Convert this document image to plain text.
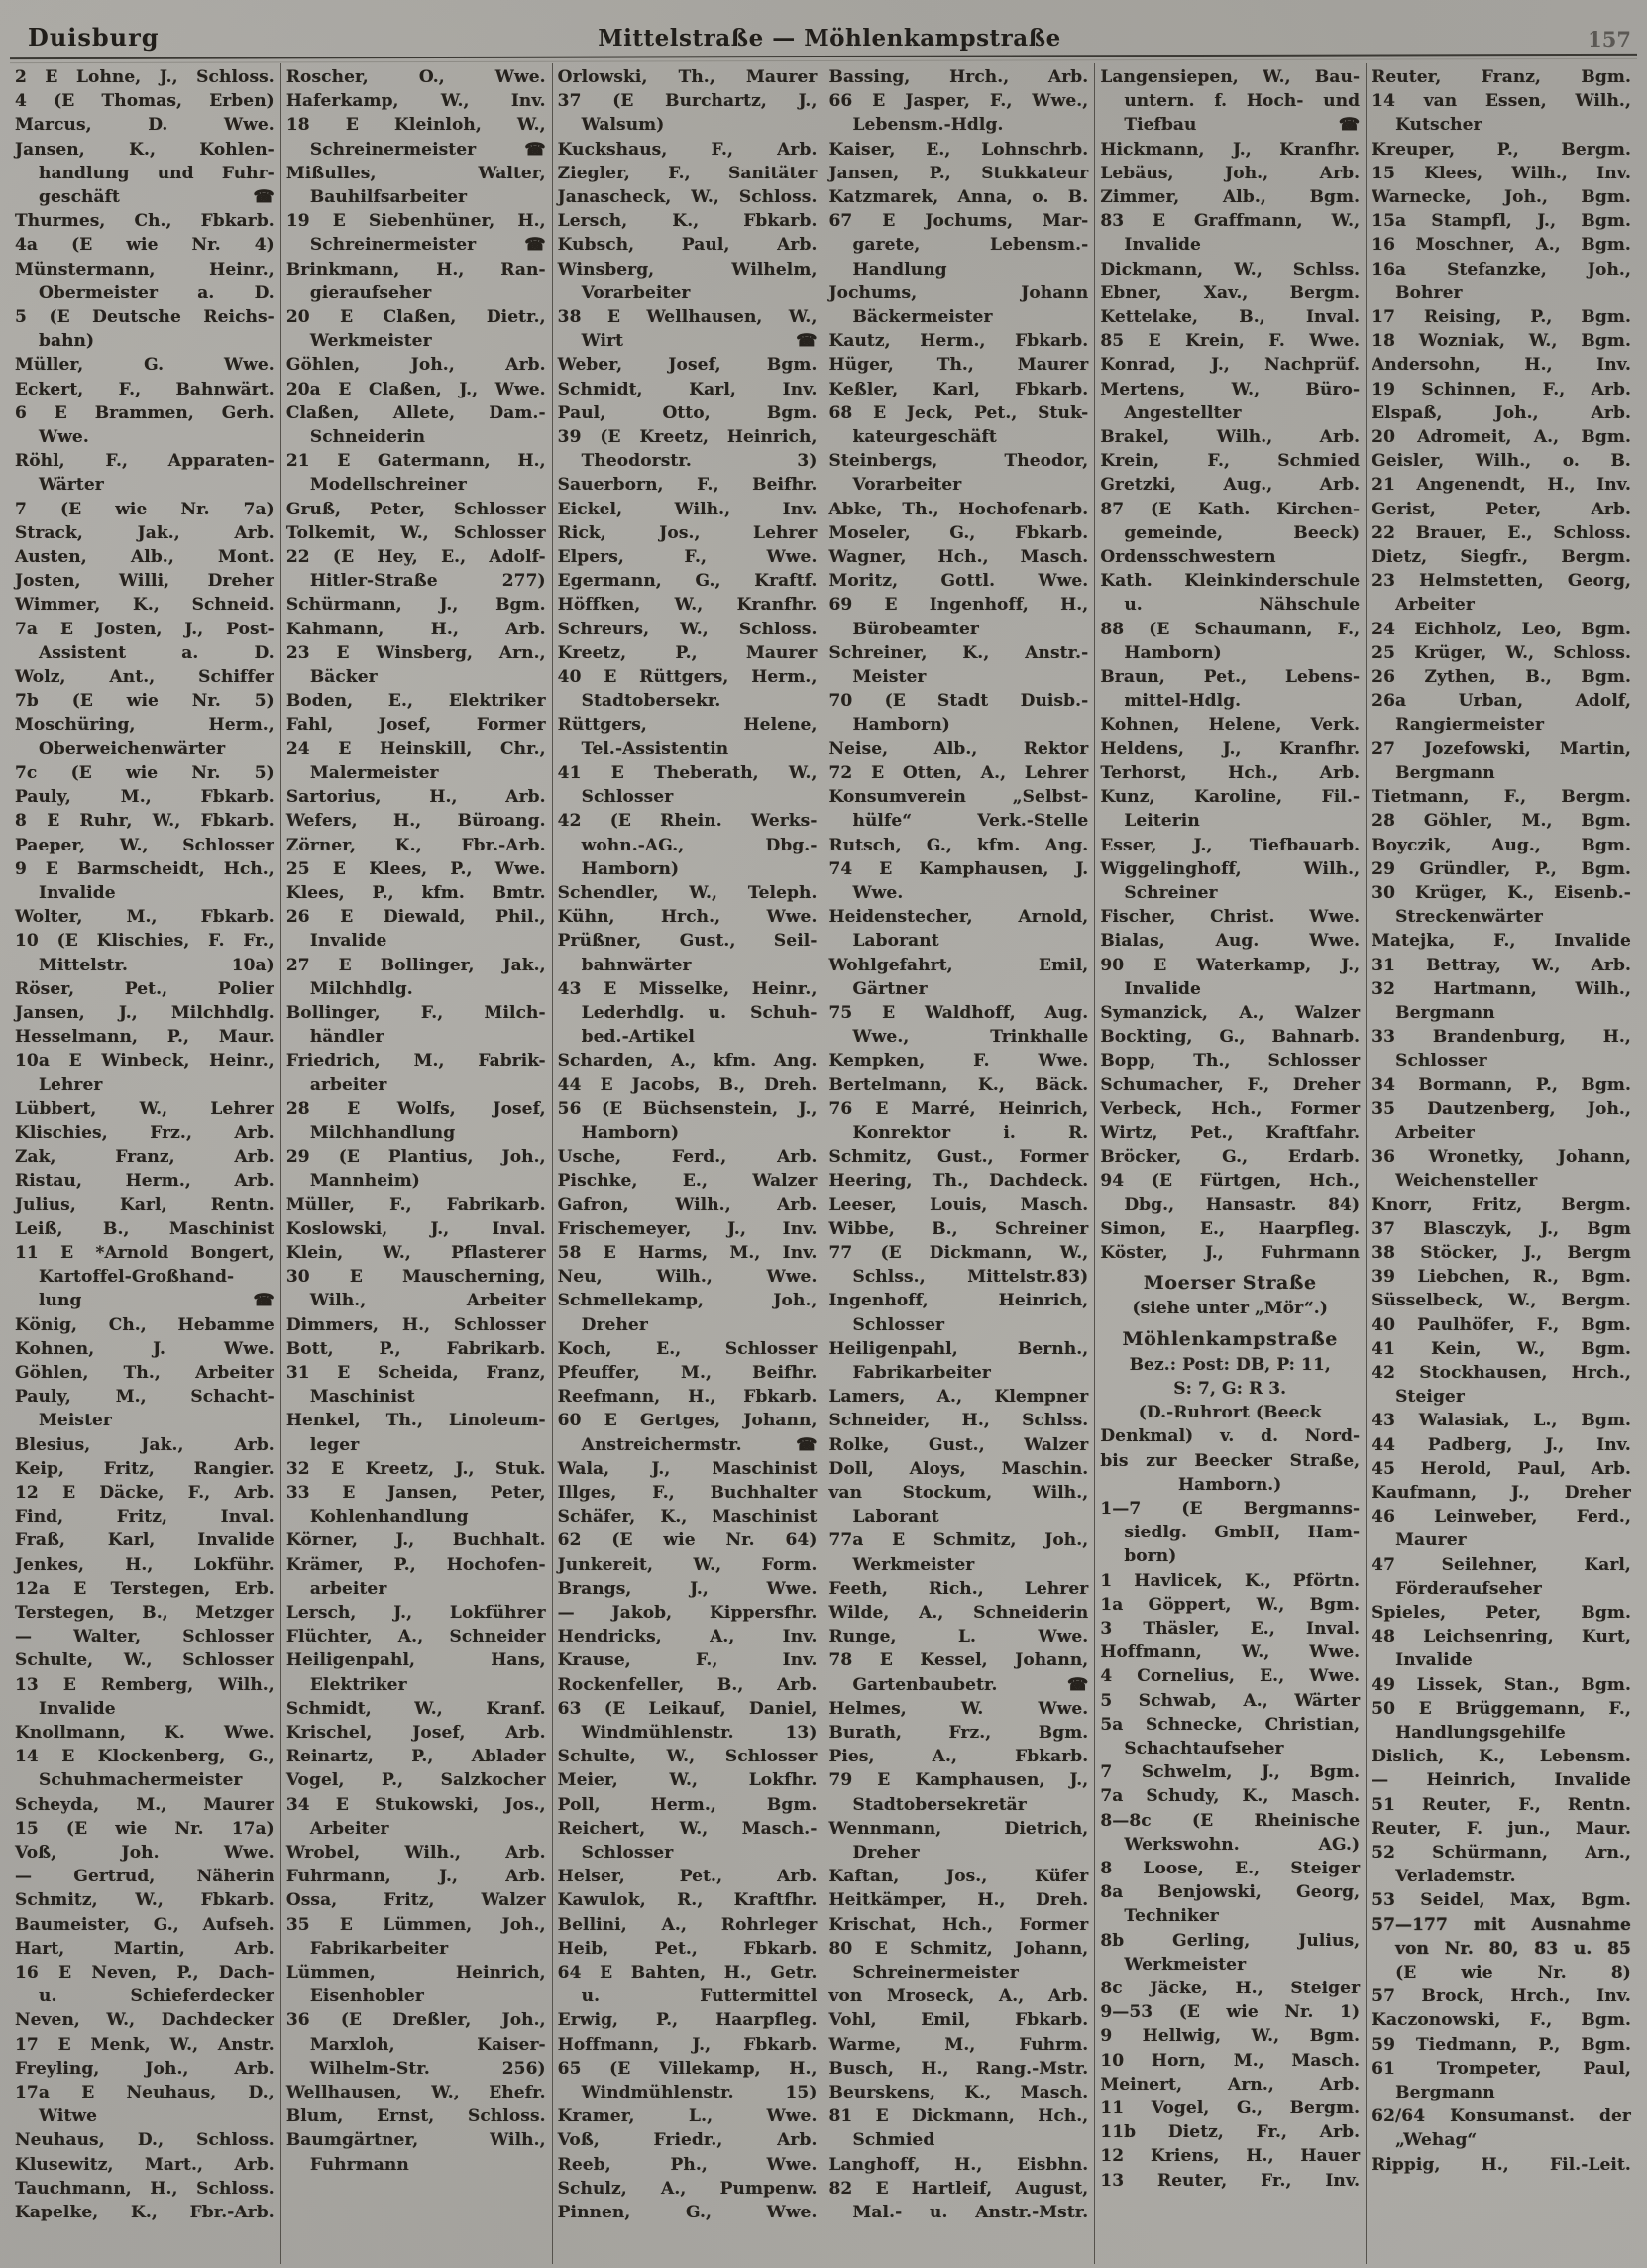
Duisburg	Mittelstraße — Möhlenkampstraße	157
2 E Lohne, J., Schloss.
4 (E Thomas, Erben)
Marcus, D. Wwe.
Jansen, K., Kohlen-
handlung und Fuhr-
geschäft ☎
Thurmes, Ch., Fbkarb.
4a (E wie Nr. 4)
Münstermann, Heinr.,
Obermeister a. D.
5 (E Deutsche Reichs-
bahn)
Müller, G. Wwe.
Eckert, F., Bahnwärt.
6 E Brammen, Gerh.
Wwe.
Röhl, F., Apparaten-
Wärter
7 (E wie Nr. 7a)
Strack, Jak., Arb.
Austen, Alb., Mont.
Josten, Willi, Dreher
Wimmer, K., Schneid.
7a E Josten, J., Post-
Assistent a. D.
Wolz, Ant., Schiffer
7b (E wie Nr. 5)
Moschüring, Herm.,
Oberweichenwärter
7c (E wie Nr. 5)
Pauly, M., Fbkarb.
8 E Ruhr, W., Fbkarb.
Paeper, W., Schlosser
9 E Barmscheidt, Hch.,
Invalide
Wolter, M., Fbkarb.
10 (E Klischies, F. Fr.,
Mittelstr. 10a)
Röser, Pet., Polier
Jansen, J., Milchhdlg.
Hesselmann, P., Maur.
10a E Winbeck, Heinr.,
Lehrer
Lübbert, W., Lehrer
Klischies, Frz., Arb.
Zak, Franz, Arb.
Ristau, Herm., Arb.
Julius, Karl, Rentn.
Leiß, B., Maschinist
11 E *Arnold Bongert,
Kartoffel-Großhand-
lung ☎
König, Ch., Hebamme
Kohnen, J. Wwe.
Göhlen, Th., Arbeiter
Pauly, M., Schacht-
Meister
Blesius, Jak., Arb.
Keip, Fritz, Rangier.
12 E Däcke, F., Arb.
Find, Fritz, Inval.
Fraß, Karl, Invalide
Jenkes, H., Lokführ.
12a E Terstegen, Erb.
Terstegen, B., Metzger
— Walter, Schlosser
Schulte, W., Schlosser
13 E Remberg, Wilh.,
Invalide
Knollmann, K. Wwe.
14 E Klockenberg, G.,
Schuhmachermeister
Scheyda, M., Maurer
15 (E wie Nr. 17a)
Voß, Joh. Wwe.
— Gertrud, Näherin
Schmitz, W., Fbkarb.
Baumeister, G., Aufseh.
Hart, Martin, Arb.
16 E Neven, P., Dach-
u. Schieferdecker
Neven, W., Dachdecker
17 E Menk, W., Anstr.
Freyling, Joh., Arb.
17a E Neuhaus, D.,
Witwe
Neuhaus, D., Schloss.
Klusewitz, Mart., Arb.
Tauchmann, H., Schloss.
Kapelke, K., Fbr.-Arb.
Roscher, O., Wwe.
Haferkamp, W., Inv.
18 E Kleinloh, W.,
Schreinermeister ☎
Mißulles, Walter,
Bauhilfsarbeiter
19 E Siebenhüner, H.,
Schreinermeister ☎
Brinkmann, H., Ran-
gieraufseher
20 E Claßen, Dietr.,
Werkmeister
Göhlen, Joh., Arb.
20a E Claßen, J., Wwe.
Claßen, Allete, Dam.-
Schneiderin
21 E Gatermann, H.,
Modellschreiner
Gruß, Peter, Schlosser
Tolkemit, W., Schlosser
22 (E Hey, E., Adolf-
Hitler-Straße 277)
Schürmann, J., Bgm.
Kahmann, H., Arb.
23 E Winsberg, Arn.,
Bäcker
Boden, E., Elektriker
Fahl, Josef, Former
24 E Heinskill, Chr.,
Malermeister
Sartorius, H., Arb.
Wefers, H., Büroang.
Zörner, K., Fbr.-Arb.
25 E Klees, P., Wwe.
Klees, P., kfm. Bmtr.
26 E Diewald, Phil.,
Invalide
27 E Bollinger, Jak.,
Milchhdlg.
Bollinger, F., Milch-
händler
Friedrich, M., Fabrik-
arbeiter
28 E Wolfs, Josef,
Milchhandlung
29 (E Plantius, Joh.,
Mannheim)
Müller, F., Fabrikarb.
Koslowski, J., Inval.
Klein, W., Pflasterer
30 E Mauscherning,
Wilh., Arbeiter
Dimmers, H., Schlosser
Bott, P., Fabrikarb.
31 E Scheida, Franz,
Maschinist
Henkel, Th., Linoleum-
leger
32 E Kreetz, J., Stuk.
33 E Jansen, Peter,
Kohlenhandlung
Körner, J., Buchhalt.
Krämer, P., Hochofen-
arbeiter
Lersch, J., Lokführer
Flüchter, A., Schneider
Heiligenpahl, Hans,
Elektriker
Schmidt, W., Kranf.
Krischel, Josef, Arb.
Reinartz, P., Ablader
Vogel, P., Salzkocher
34 E Stukowski, Jos.,
Arbeiter
Wrobel, Wilh., Arb.
Fuhrmann, J., Arb.
Ossa, Fritz, Walzer
35 E Lümmen, Joh.,
Fabrikarbeiter
Lümmen, Heinrich,
Eisenhobler
36 (E Dreßler, Joh.,
Marxloh, Kaiser-
Wilhelm-Str. 256)
Wellhausen, W., Ehefr.
Blum, Ernst, Schloss.
Baumgärtner, Wilh.,
Fuhrmann
Orlowski, Th., Maurer
37 (E Burchartz, J.,
Walsum)
Kuckshaus, F., Arb.
Ziegler, F., Sanitäter
Janascheck, W., Schloss.
Lersch, K., Fbkarb.
Kubsch, Paul, Arb.
Winsberg, Wilhelm,
Vorarbeiter
38 E Wellhausen, W.,
Wirt ☎
Weber, Josef, Bgm.
Schmidt, Karl, Inv.
Paul, Otto, Bgm.
39 (E Kreetz, Heinrich,
Theodorstr. 3)
Sauerborn, F., Beifhr.
Eickel, Wilh., Inv.
Rick, Jos., Lehrer
Elpers, F., Wwe.
Egermann, G., Kraftf.
Höffken, W., Kranfhr.
Schreurs, W., Schloss.
Kreetz, P., Maurer
40 E Rüttgers, Herm.,
Stadtobersekr.
Rüttgers, Helene,
Tel.-Assistentin
41 E Theberath, W.,
Schlosser
42 (E Rhein. Werks-
wohn.-AG., Dbg.-
Hamborn)
Schendler, W., Teleph.
Kühn, Hrch., Wwe.
Prüßner, Gust., Seil-
bahnwärter
43 E Misselke, Heinr.,
Lederhdlg. u. Schuh-
bed.-Artikel
Scharden, A., kfm. Ang.
44 E Jacobs, B., Dreh.
56 (E Büchsenstein, J.,
Hamborn)
Usche, Ferd., Arb.
Pischke, E., Walzer
Gafron, Wilh., Arb.
Frischemeyer, J., Inv.
58 E Harms, M., Inv.
Neu, Wilh., Wwe.
Schmellekamp, Joh.,
Dreher
Koch, E., Schlosser
Pfeuffer, M., Beifhr.
Reefmann, H., Fbkarb.
60 E Gertges, Johann,
Anstreichermstr. ☎
Wala, J., Maschinist
Illges, F., Buchhalter
Schäfer, K., Maschinist
62 (E wie Nr. 64)
Junkereit, W., Form.
Brangs, J., Wwe.
— Jakob, Kippersfhr.
Hendricks, A., Inv.
Krause, F., Inv.
Rockenfeller, B., Arb.
63 (E Leikauf, Daniel,
Windmühlenstr. 13)
Schulte, W., Schlosser
Meier, W., Lokfhr.
Poll, Herm., Bgm.
Reichert, W., Masch.-
Schlosser
Helser, Pet., Arb.
Kawulok, R., Kraftfhr.
Bellini, A., Rohrleger
Heib, Pet., Fbkarb.
64 E Bahten, H., Getr.
u. Futtermittel
Erwig, P., Haarpfleg.
Hoffmann, J., Fbkarb.
65 (E Villekamp, H.,
Windmühlenstr. 15)
Kramer, L., Wwe.
Voß, Friedr., Arb.
Reeb, Ph., Wwe.
Schulz, A., Pumpenw.
Pinnen, G., Wwe.
Bassing, Hrch., Arb.
66 E Jasper, F., Wwe.,
Lebensm.-Hdlg.
Kaiser, E., Lohnschrb.
Jansen, P., Stukkateur
Katzmarek, Anna, o. B.
67 E Jochums, Mar-
garete, Lebensm.-
Handlung
Jochums, Johann
Bäckermeister
Kautz, Herm., Fbkarb.
Hüger, Th., Maurer
Keßler, Karl, Fbkarb.
68 E Jeck, Pet., Stuk-
kateurgeschäft
Steinbergs, Theodor,
Vorarbeiter
Abke, Th., Hochofenarb.
Moseler, G., Fbkarb.
Wagner, Hch., Masch.
Moritz, Gottl. Wwe.
69 E Ingenhoff, H.,
Bürobeamter
Schreiner, K., Anstr.-
Meister
70 (E Stadt Duisb.-
Hamborn)
Neise, Alb., Rektor
72 E Otten, A., Lehrer
Konsumverein „Selbst-
hülfe“ Verk.-Stelle
Rutsch, G., kfm. Ang.
74 E Kamphausen, J.
Wwe.
Heidenstecher, Arnold,
Laborant
Wohlgefahrt, Emil,
Gärtner
75 E Waldhoff, Aug.
Wwe., Trinkhalle
Kempken, F. Wwe.
Bertelmann, K., Bäck.
76 E Marré, Heinrich,
Konrektor i. R.
Schmitz, Gust., Former
Heering, Th., Dachdeck.
Leeser, Louis, Masch.
Wibbe, B., Schreiner
77 (E Dickmann, W.,
Schlss., Mittelstr.83)
Ingenhoff, Heinrich,
Schlosser
Heiligenpahl, Bernh.,
Fabrikarbeiter
Lamers, A., Klempner
Schneider, H., Schlss.
Rolke, Gust., Walzer
Doll, Aloys, Maschin.
van Stockum, Wilh.,
Laborant
77a E Schmitz, Joh.,
Werkmeister
Feeth, Rich., Lehrer
Wilde, A., Schneiderin
Runge, L. Wwe.
78 E Kessel, Johann,
Gartenbaubetr. ☎
Helmes, W. Wwe.
Burath, Frz., Bgm.
Pies, A., Fbkarb.
79 E Kamphausen, J.,
Stadtobersekretär
Wennmann, Dietrich,
Dreher
Kaftan, Jos., Küfer
Heitkämper, H., Dreh.
Krischat, Hch., Former
80 E Schmitz, Johann,
Schreinermeister
von Mroseck, A., Arb.
Vohl, Emil, Fbkarb.
Warme, M., Fuhrm.
Busch, H., Rang.-Mstr.
Beurskens, K., Masch.
81 E Dickmann, Hch.,
Schmied
Langhoff, H., Eisbhn.
82 E Hartleif, August,
Mal.- u. Anstr.-Mstr.
Langensiepen, W., Bau-
untern. f. Hoch- und
Tiefbau ☎
Hickmann, J., Kranfhr.
Lebäus, Joh., Arb.
Zimmer, Alb., Bgm.
83 E Graffmann, W.,
Invalide
Dickmann, W., Schlss.
Ebner, Xav., Bergm.
Kettelake, B., Inval.
85 E Krein, F. Wwe.
Konrad, J., Nachprüf.
Mertens, W., Büro-
Angestellter
Brakel, Wilh., Arb.
Krein, F., Schmied
Gretzki, Aug., Arb.
87 (E Kath. Kirchen-
gemeinde, Beeck)
Ordensschwestern
Kath. Kleinkinderschule
u. Nähschule
88 (E Schaumann, F.,
Hamborn)
Braun, Pet., Lebens-
mittel-Hdlg.
Kohnen, Helene, Verk.
Heldens, J., Kranfhr.
Terhorst, Hch., Arb.
Kunz, Karoline, Fil.-
Leiterin
Esser, J., Tiefbauarb.
Wiggelinghoff, Wilh.,
Schreiner
Fischer, Christ. Wwe.
Bialas, Aug. Wwe.
90 E Waterkamp, J.,
Invalide
Symanzick, A., Walzer
Bockting, G., Bahnarb.
Bopp, Th., Schlosser
Schumacher, F., Dreher
Verbeck, Hch., Former
Wirtz, Pet., Kraftfahr.
Bröcker, G., Erdarb.
94 (E Fürtgen, Hch.,
Dbg., Hansastr. 84)
Simon, E., Haarpfleg.
Köster, J., Fuhrmann
Moerser Straße
(siehe unter „Mör“.)
Möhlenkampstraße
Bez.: Post: DB, P: 11,
S: 7, G: R 3.
(D.-Ruhrort (Beeck
Denkmal) v. d. Nord-
bis zur Beecker Straße,
Hamborn.)
1—7 (E Bergmanns-
siedlg. GmbH, Ham-
born)
1 Havlicek, K., Pförtn.
1a Göppert, W., Bgm.
3 Thäsler, E., Inval.
Hoffmann, W., Wwe.
4 Cornelius, E., Wwe.
5 Schwab, A., Wärter
5a Schnecke, Christian,
Schachtaufseher
7 Schwelm, J., Bgm.
7a Schudy, K., Masch.
8—8c (E Rheinische
Werkswohn. AG.)
8 Loose, E., Steiger
8a Benjowski, Georg,
Techniker
8b Gerling, Julius,
Werkmeister
8c Jäcke, H., Steiger
9—53 (E wie Nr. 1)
9 Hellwig, W., Bgm.
10 Horn, M., Masch.
Meinert, Arn., Arb.
11 Vogel, G., Bergm.
11b Dietz, Fr., Arb.
12 Kriens, H., Hauer
13 Reuter, Fr., Inv.
Reuter, Franz, Bgm.
14 van Essen, Wilh.,
Kutscher
Kreuper, P., Bergm.
15 Klees, Wilh., Inv.
Warnecke, Joh., Bgm.
15a Stampfl, J., Bgm.
16 Moschner, A., Bgm.
16a Stefanzke, Joh.,
Bohrer
17 Reising, P., Bgm.
18 Wozniak, W., Bgm.
Andersohn, H., Inv.
19 Schinnen, F., Arb.
Elspaß, Joh., Arb.
20 Adromeit, A., Bgm.
Geisler, Wilh., o. B.
21 Angenendt, H., Inv.
Gerist, Peter, Arb.
22 Brauer, E., Schloss.
Dietz, Siegfr., Bergm.
23 Helmstetten, Georg,
Arbeiter
24 Eichholz, Leo, Bgm.
25 Krüger, W., Schloss.
26 Zythen, B., Bgm.
26a Urban, Adolf,
Rangiermeister
27 Jozefowski, Martin,
Bergmann
Tietmann, F., Bergm.
28 Göhler, M., Bgm.
Boyczik, Aug., Bgm.
29 Gründler, P., Bgm.
30 Krüger, K., Eisenb.-
Streckenwärter
Matejka, F., Invalide
31 Bettray, W., Arb.
32 Hartmann, Wilh.,
Bergmann
33 Brandenburg, H.,
Schlosser
34 Bormann, P., Bgm.
35 Dautzenberg, Joh.,
Arbeiter
36 Wronetky, Johann,
Weichensteller
Knorr, Fritz, Bergm.
37 Blasczyk, J., Bgm
38 Stöcker, J., Bergm
39 Liebchen, R., Bgm.
Süsselbeck, W., Bergm.
40 Paulhöfer, F., Bgm.
41 Kein, W., Bgm.
42 Stockhausen, Hrch.,
Steiger
43 Walasiak, L., Bgm.
44 Padberg, J., Inv.
45 Herold, Paul, Arb.
Kaufmann, J., Dreher
46 Leinweber, Ferd.,
Maurer
47 Seilehner, Karl,
Förderaufseher
Spieles, Peter, Bgm.
48 Leichsenring, Kurt,
Invalide
49 Lissek, Stan., Bgm.
50 E Brüggemann, F.,
Handlungsgehilfe
Dislich, K., Lebensm.
— Heinrich, Invalide
51 Reuter, F., Rentn.
Reuter, F. jun., Maur.
52 Schürmann, Arn.,
Verlademstr.
53 Seidel, Max, Bgm.
57—177 mit Ausnahme
von Nr. 80, 83 u. 85
(E wie Nr. 8)
57 Brock, Hrch., Inv.
Kaczonowski, F., Bgm.
59 Tiedmann, P., Bgm.
61 Trompeter, Paul,
Bergmann
62/64 Konsumanst. der
„Wehag“
Rippig, H., Fil.-Leit.
